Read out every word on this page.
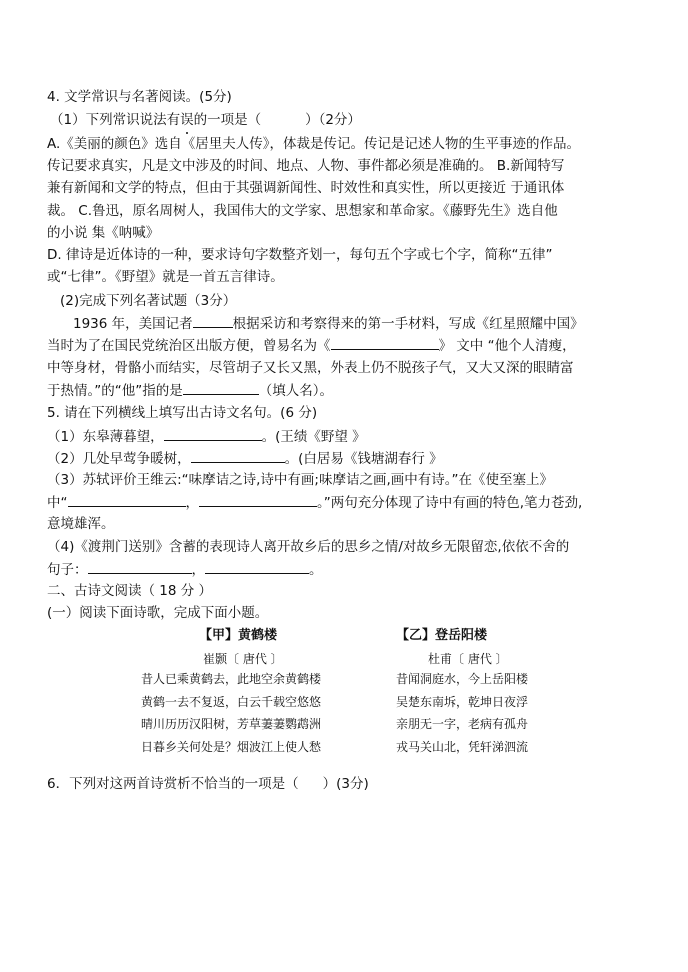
4. 文学常识与名著阅读。(5分)
（1）下列常识说法有误的一项是（	）（2分）
A.《美丽的颜色》选自《居里夫人传》，体裁是传记。传记是记述人物的生平事迹的作品。
传记要求真实，凡是文中涉及的时间、地点、人物、事件都必须是准确的。 B.新闻特写
兼有新闻和文学的特点，但由于其强调新闻性、时效性和真实性，所以更接近 于通讯体
裁。 C.鲁迅，原名周树人，我国伟大的文学家、思想家和革命家。《藤野先生》选自他
的小说 集《呐喊》
D. 律诗是近体诗的一种，要求诗句字数整齐划一，每句五个字或七个字，简称“五律”
或“七律”。《野望》就是一首五言律诗。
(2)完成下列名著试题（3分）
1936 年，美国记者	根据采访和考察得来的第一手材料，写成《红星照耀中国》
当时为了在国民党统治区出版方便，曾易名为《	》 文中 “他个人清瘦，
中等身材，骨骼小而结实，尽管胡子又长又黑，外表上仍不脱孩子气，又大又深的眼睛富
于热情。”的“他”指的是	（填人名）。
5. 请在下列横线上填写出古诗文名句。(6 分)
（1）东皋薄暮望，	。(王绩《野望 》
（2）几处早莺争暖树，	。(白居易《钱塘湖春行 》
（3）苏轼评价王维云:“味摩诘之诗,诗中有画;味摩诘之画,画中有诗。”在《使至塞上》
中“	，	。”两句充分体现了诗中有画的特色,笔力苍劲,
意境雄浑。
（4)《渡荆门送别》含蓄的表现诗人离开故乡后的思乡之情/对故乡无限留恋,依依不舍的
句子：	，	。
二、古诗文阅读（ 18 分 ）
(一）阅读下面诗歌，完成下面小题。
【甲】黄鹤楼
崔颢〔 唐代 〕
昔人已乘黄鹤去，此地空余黄鹤楼
黄鹤一去不复返，白云千载空悠悠
晴川历历汉阳树，芳草萋萋鹦鹉洲
日暮乡关何处是？烟波江上使人愁
【乙】登岳阳楼
杜甫〔 唐代 〕
昔闻洞庭水，今上岳阳楼
吴楚东南坼，乾坤日夜浮
亲朋无一字，老病有孤舟
戎马关山北，凭轩涕泗流
6．下列对这两首诗赏析不恰当的一项是（ ）(3分)
